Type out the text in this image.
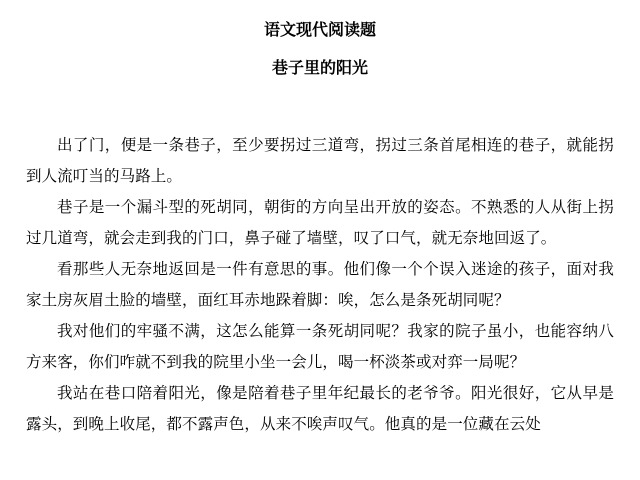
语文现代阅读题
巷子里的阳光

出了门，便是一条巷子，至少要拐过三道弯，拐过三条首尾相连的巷子，就能拐到人流叮当的马路上。

巷子是一个漏斗型的死胡同，朝街的方向呈出开放的姿态。不熟悉的人从街上拐过几道弯，就会走到我的门口，鼻子碰了墙壁，叹了口气，就无奈地回返了。

看那些人无奈地返回是一件有意思的事。他们像一个个误入迷途的孩子，面对我家土房灰眉土脸的墙壁，面红耳赤地跺着脚：唉，怎么是条死胡同呢？

我对他们的牢骚不满，这怎么能算一条死胡同呢？我家的院子虽小，也能容纳八方来客，你们咋就不到我的院里小坐一会儿，喝一杯淡茶或对弈一局呢？

我站在巷口陪着阳光，像是陪着巷子里年纪最长的老爷爷。阳光很好，它从早是露头，到晚上收尾，都不露声色，从来不唉声叹气。他真的是一位藏在云处
